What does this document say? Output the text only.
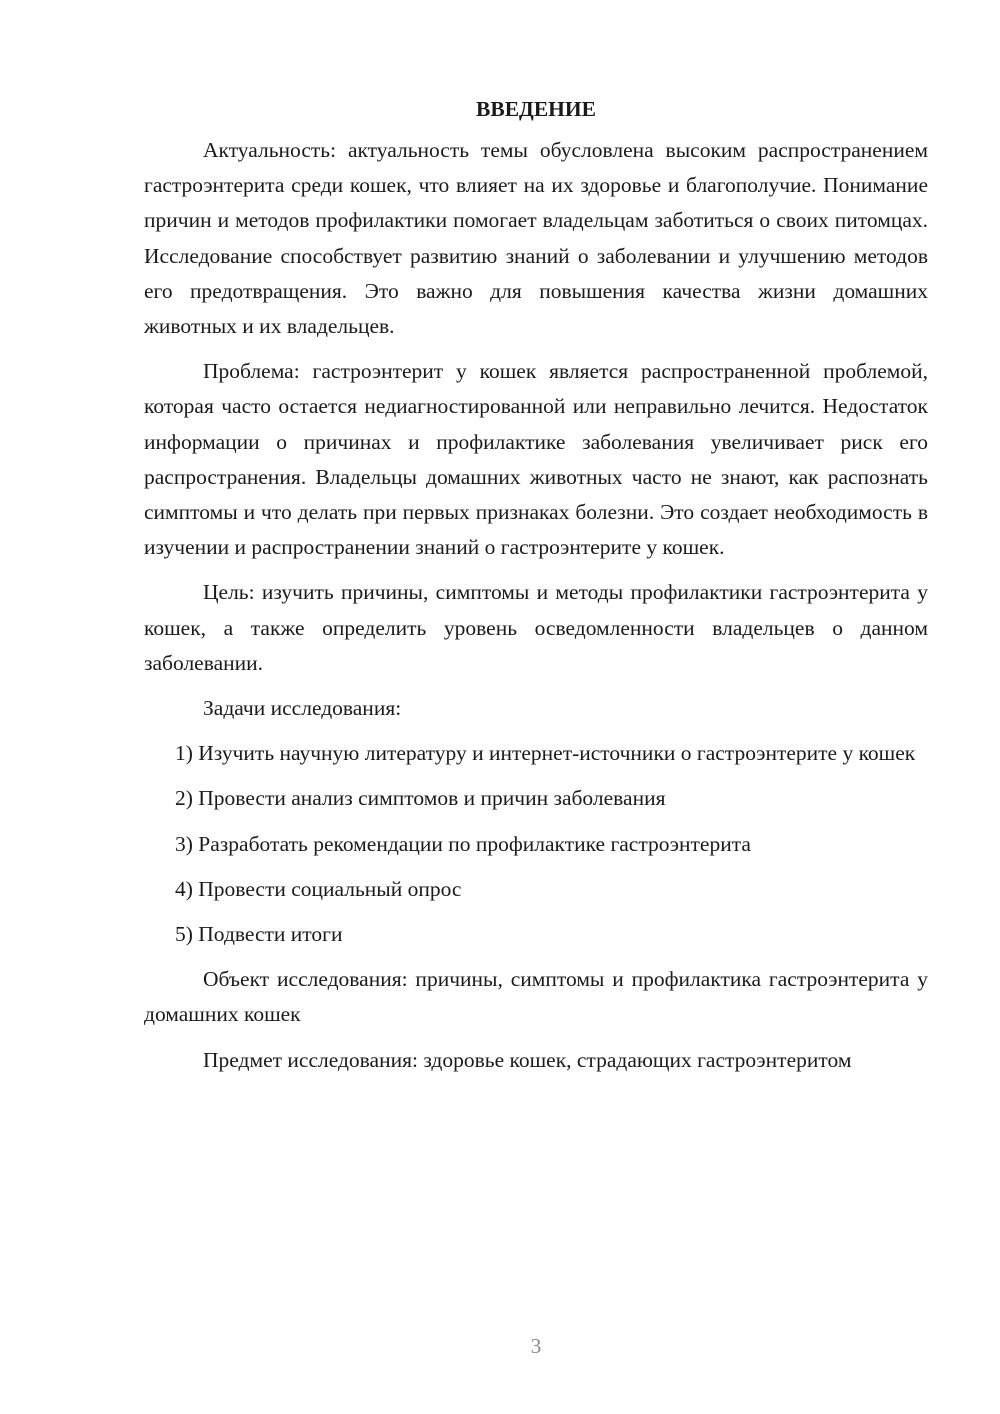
ВВЕДЕНИЕ

Актуальность: актуальность темы обусловлена высоким распространением гастроэнтерита среди кошек, что влияет на их здоровье и благополучие. Понимание причин и методов профилактики помогает владельцам заботиться о своих питомцах. Исследование способствует развитию знаний о заболевании и улучшению методов его предотвращения. Это важно для повышения качества жизни домашних животных и их владельцев.

Проблема: гастроэнтерит у кошек является распространенной проблемой, которая часто остается недиагностированной или неправильно лечится. Недостаток информации о причинах и профилактике заболевания увеличивает риск его распространения. Владельцы домашних животных часто не знают, как распознать симптомы и что делать при первых признаках болезни. Это создает необходимость в изучении и распространении знаний о гастроэнтерите у кошек.

Цель: изучить причины, симптомы и методы профилактики гастроэнтерита у кошек, а также определить уровень осведомленности владельцев о данном заболевании.

Задачи исследования:

1) Изучить научную литературу и интернет-источники о гастроэнтерите у кошек

2) Провести анализ симптомов и причин заболевания

3) Разработать рекомендации по профилактике гастроэнтерита

4) Провести социальный опрос

5) Подвести итоги

Объект исследования: причины, симптомы и профилактика гастроэнтерита у домашних кошек

Предмет исследования: здоровье кошек, страдающих гастроэнтеритом

3
